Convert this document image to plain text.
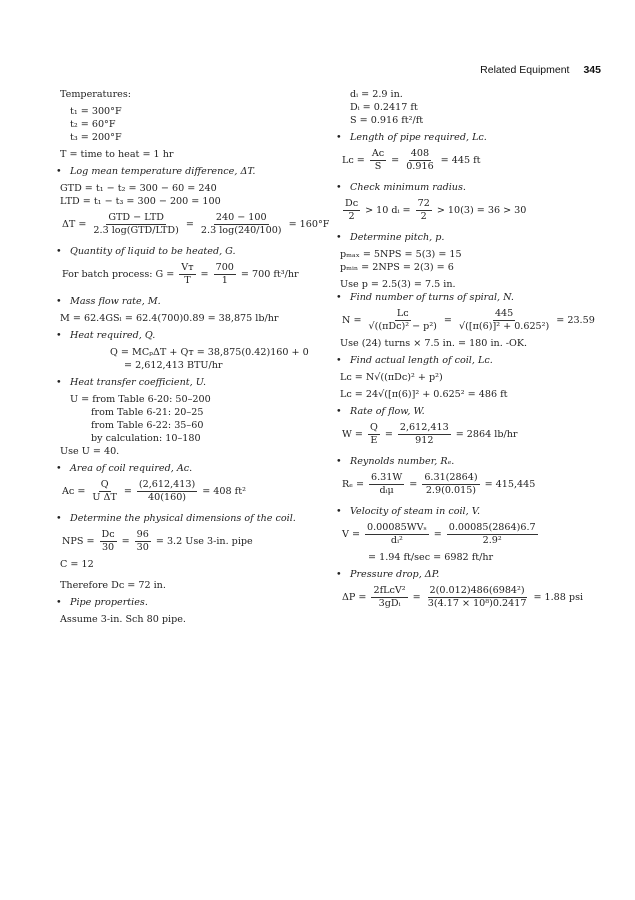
Related Equipment 345
Temperatures:
t₁ = 300°F
t₂ = 60°F
t₃ = 200°F
T = time to heat = 1 hr
• Log mean temperature difference, ΔT.
GTD = t₁ − t₂ = 300 − 60 = 240
LTD = t₁ − t₃ = 300 − 200 = 100
$\Delta T = \frac{\text{GTD − LTD}}{\text{2.3 log(GTD/LTD)}} = \frac{240 - 100}{2.3 \log(240/100)} = 160^\circ F$
• Quantity of liquid to be heated, G.
For batch process: $G = \frac{\text{Vᴛ}}{T} = \frac{700}{1} = 700$ ft³/hr
• Mass flow rate, M.
M = 62.4GSₗ = 62.4(700)0.89 = 38,875 lb/hr
• Heat required, Q.
Q = MCₚΔT + Qᴛ = 38,875(0.42)160 + 0
= 2,612,413 BTU/hr
• Heat transfer coefficient, U.
U = from Table 6-20: 50–200
from Table 6-21: 20–25
from Table 6-22: 35–60
by calculation: 10–180
Use U = 40.
• Area of coil required, Aᴄ.
Aᴄ = $\frac{Q}{\text{U ΔT}} = \frac{(2,612,413)}{40(160)} = 408$ ft²
• Determine the physical dimensions of the coil.
NPS = $\frac{\text{Dᴄ}}{30} = \frac{96}{30} = 3.2$ Use 3-in. pipe
C = 12
Therefore Dᴄ = 72 in.
• Pipe properties.
Assume 3-in. Sch 80 pipe.
dᵢ = 2.9 in.
Dᵢ = 0.2417 ft
S = 0.916 ft²/ft
• Length of pipe required, Lᴄ.
Lᴄ = $\frac{\text{Aᴄ}}{S} = \frac{408}{0.916} = 445$ ft
• Check minimum radius.
$\frac{\text{Dᴄ}}{2} > 10$ dᵢ = $\frac{72}{2} > 10(3) = 36 > 30$
• Determine pitch, p.
pₘₐₓ = 5NPS = 5(3) = 15
pₘᵢₙ = 2NPS = 2(3) = 6
Use p = 2.5(3) = 7.5 in.
• Find number of turns of spiral, N.
$N = \frac{\text{Lᴄ}}{\text{√((πDᴄ)² − p²)}} = \frac{445}{\text{√([π(6)]² + 0.625²)}} = 23.59$
Use (24) turns × 7.5 in. = 180 in. -OK.
• Find actual length of coil, Lᴄ.
Lᴄ = N√((πDᴄ)² + p²)
Lᴄ = 24√([π(6)]² + 0.625² = 486 ft
• Rate of flow, W.
$W = \frac{Q}{E} = \frac{2,612,413}{912} = 2864$ lb/hr
• Reynolds number, Rₑ.
$R_e = \frac{6.31W}{\text{dᵢμ}} = \frac{6.31(2864)}{2.9(0.015)} = 415,445$
• Velocity of steam in coil, V.
$V = \frac{\text{0.00085WVₛ}}{\text{dᵢ²}} = \frac{0.00085(2864)6.7}{\text{2.9²}}$
= 1.94 ft/sec = 6982 ft/hr
• Pressure drop, ΔP.
$\Delta P = \frac{\text{2fLᴄV²}}{\text{3gDᵢ}} = \frac{\text{2(0.012)486(6984²)}}{\text{3(4.17 × 10⁸)0.2417}} = 1.88$ psi
